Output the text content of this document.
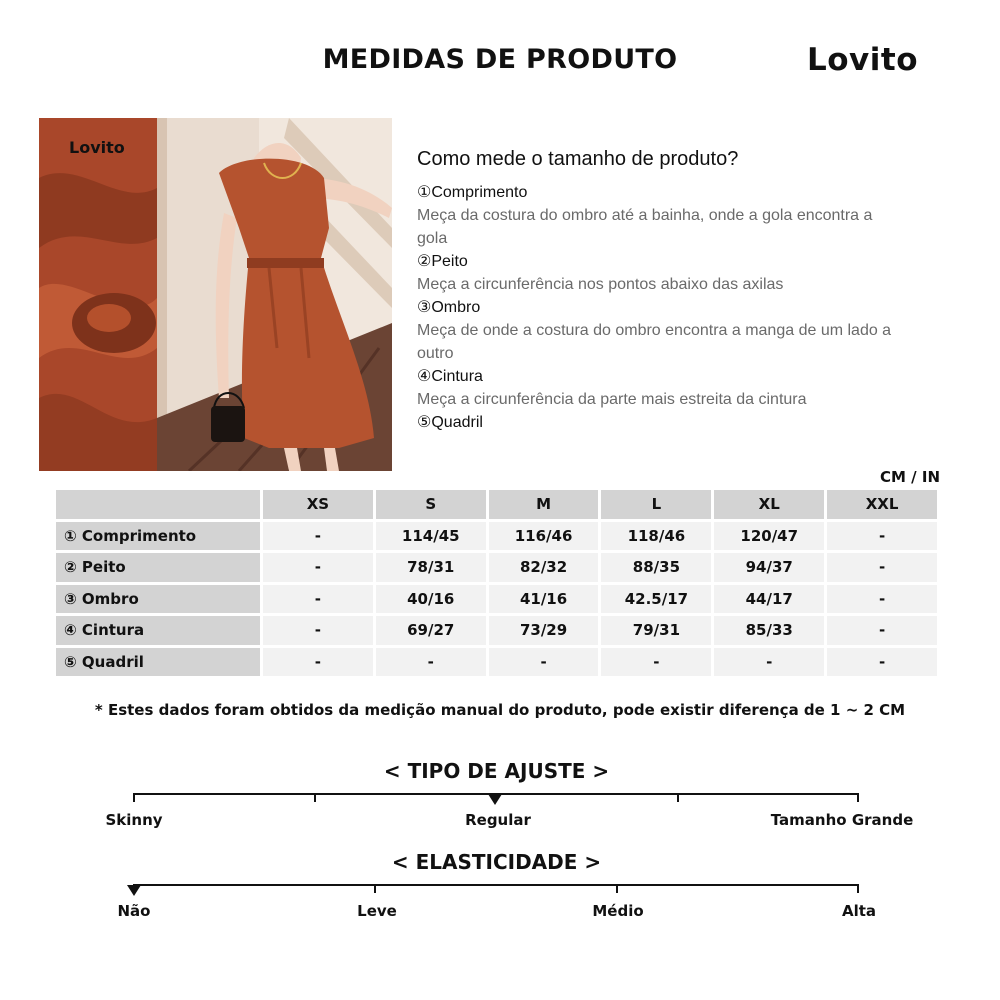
MEDIDAS DE PRODUTO	Lovito
Lovito
Como mede o tamanho de produto?
①Comprimento
Meça da costura do ombro até a bainha, onde a gola encontra a gola
②Peito
Meça a circunferência nos pontos abaixo das axilas
③Ombro
Meça de onde a costura do ombro encontra a manga de um lado a outro
④Cintura
Meça a circunferência da parte mais estreita da cintura
⑤Quadril
CM / IN
	XS	S	M	L	XL	XXL
① Comprimento	-	114/45	116/46	118/46	120/47	-
② Peito	-	78/31	82/32	88/35	94/37	-
③ Ombro	-	40/16	41/16	42.5/17	44/17	-
④ Cintura	-	69/27	73/29	79/31	85/33	-
⑤ Quadril	-	-	-	-	-	-
* Estes dados foram obtidos da medição manual do produto, pode existir diferença de 1 ~ 2 CM
< TIPO DE AJUSTE >
Skinny	Regular	Tamanho Grande
< ELASTICIDADE >
Não	Leve	Médio	Alta
